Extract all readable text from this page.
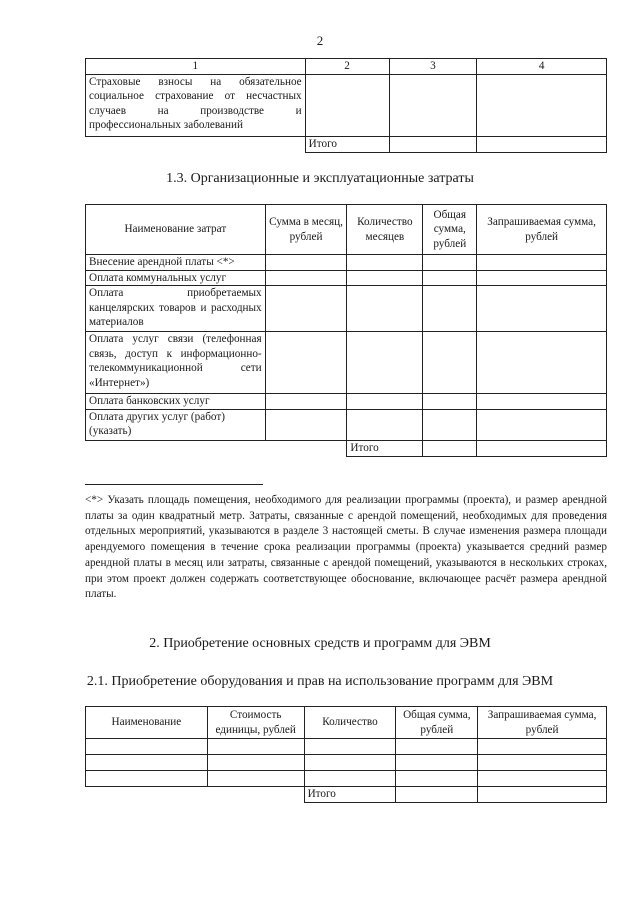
2
1	2	3	4
Страховые взносы на обязательное социальное страхование от несчастных случаев на производстве и профессиональных заболеваний			
	Итого		
1.3. Организационные и эксплуатационные затраты
Наименование затрат	Сумма в месяц, рублей	Количество месяцев	Общая сумма, рублей	Запрашиваемая сумма, рублей
Внесение арендной платы <*>				
Оплата коммунальных услуг				
Оплата приобретаемых канцелярских товаров и расходных материалов				
Оплата услуг связи (телефонная связь, доступ к информационно-телекоммуникационной сети «Интернет»)				
Оплата банковских услуг				
Оплата других услуг (работ) (указать)				
		Итого		
<*> Указать площадь помещения, необходимого для реализации программы (проекта), и размер арендной платы за один квадратный метр. Затраты, связанные с арендой помещений, необходимых для проведения отдельных мероприятий, указываются в разделе 3 настоящей сметы. В случае изменения размера площади арендуемого помещения в течение срока реализации программы (проекта) указывается средний размер арендной платы в месяц или затраты, связанные с арендой помещений, указываются в нескольких строках, при этом проект должен содержать соответствующее обоснование, включающее расчёт размера арендной платы.
2. Приобретение основных средств и программ для ЭВМ
2.1. Приобретение оборудования и прав на использование программ для ЭВМ
Наименование	Стоимость единицы, рублей	Количество	Общая сумма, рублей	Запрашиваемая сумма, рублей

		Итого		
